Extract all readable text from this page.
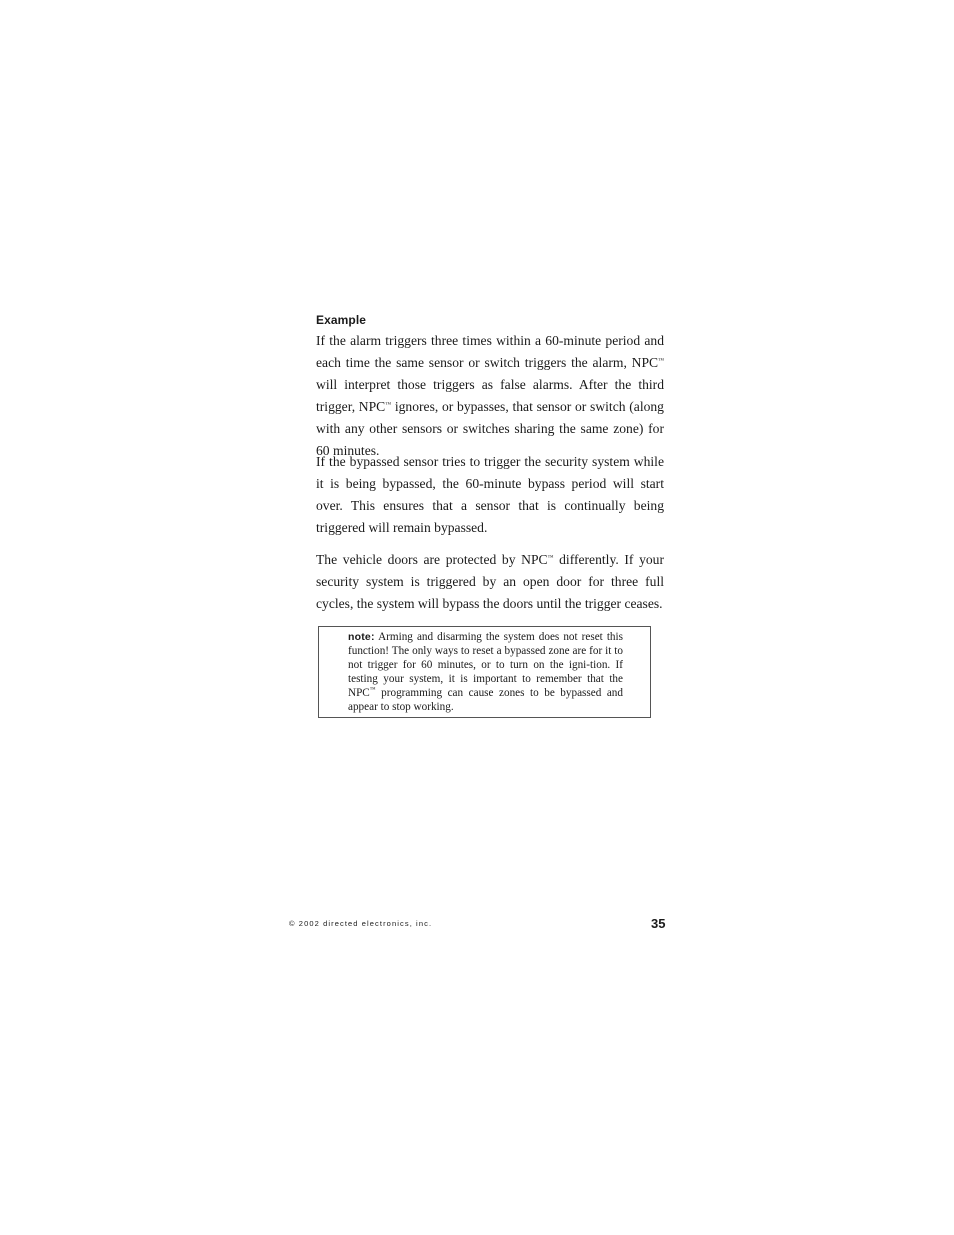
Example

If the alarm triggers three times within a 60-minute period and each time the same sensor or switch triggers the alarm, NPC™ will interpret those triggers as false alarms. After the third trigger, NPC™ ignores, or bypasses, that sensor or switch (along with any other sensors or switches sharing the same zone) for 60 minutes.

If the bypassed sensor tries to trigger the security system while it is being bypassed, the 60-minute bypass period will start over. This ensures that a sensor that is continually being triggered will remain bypassed.

The vehicle doors are protected by NPC™ differently. If your security system is triggered by an open door for three full cycles, the system will bypass the doors until the trigger ceases.

note: Arming and disarming the system does not reset this function! The only ways to reset a bypassed zone are for it to not trigger for 60 minutes, or to turn on the igni-tion. If testing your system, it is important to remember that the NPC™ programming can cause zones to be bypassed and appear to stop working.

© 2002 directed electronics, inc.	35
